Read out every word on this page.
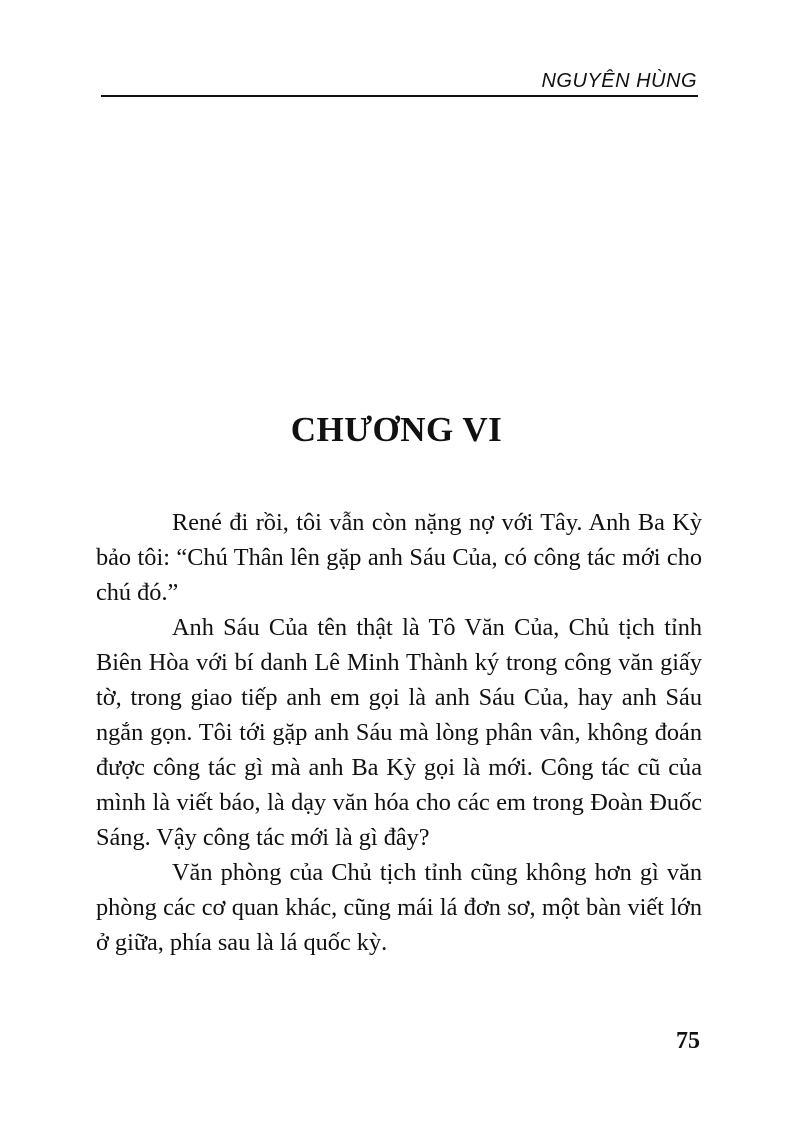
NGUYÊN HÙNG
CHƯƠNG VI

René đi rồi, tôi vẫn còn nặng nợ với Tây. Anh Ba Kỳ bảo tôi: “Chú Thân lên gặp anh Sáu Của, có công tác mới cho chú đó.”

Anh Sáu Của tên thật là Tô Văn Của, Chủ tịch tỉnh Biên Hòa với bí danh Lê Minh Thành ký trong công văn giấy tờ, trong giao tiếp anh em gọi là anh Sáu Của, hay anh Sáu ngắn gọn. Tôi tới gặp anh Sáu mà lòng phân vân, không đoán được công tác gì mà anh Ba Kỳ gọi là mới. Công tác cũ của mình là viết báo, là dạy văn hóa cho các em trong Đoàn Đuốc Sáng. Vậy công tác mới là gì đây?

Văn phòng của Chủ tịch tỉnh cũng không hơn gì văn phòng các cơ quan khác, cũng mái lá đơn sơ, một bàn viết lớn ở giữa, phía sau là lá quốc kỳ.

75
